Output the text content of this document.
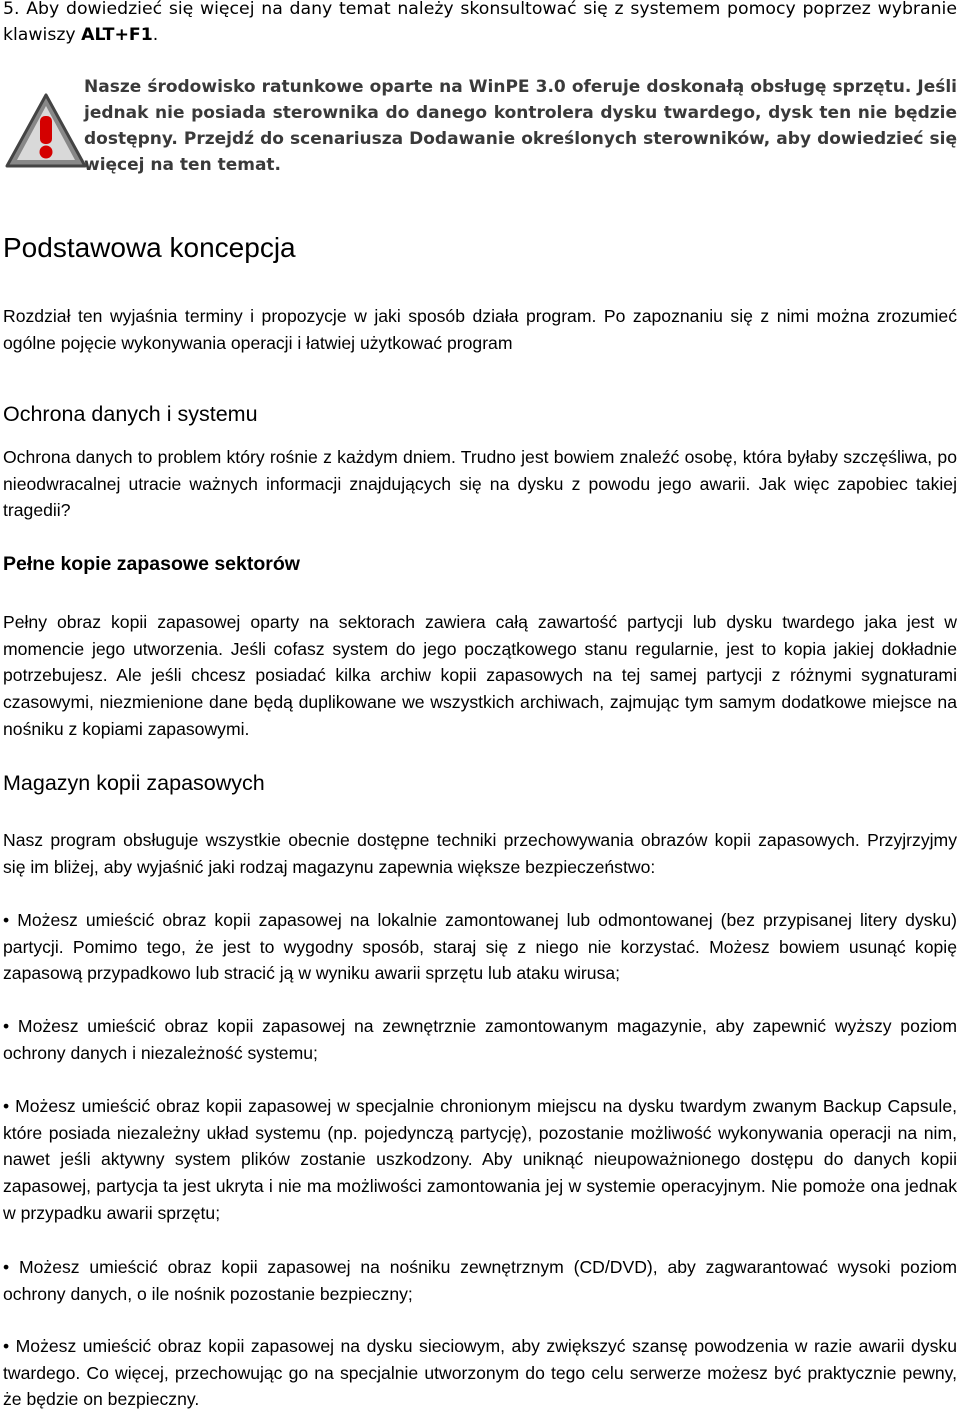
5. Aby dowiedzieć się więcej na dany temat należy skonsultować się z systemem pomocy poprzez wybranie klawiszy ALT+F1.

Nasze środowisko ratunkowe oparte na WinPE 3.0 oferuje doskonałą obsługę sprzętu. Jeśli jednak nie posiada sterownika do danego kontrolera dysku twardego, dysk ten nie będzie dostępny. Przejdź do scenariusza Dodawanie określonych sterowników, aby dowiedzieć się więcej na ten temat.

Podstawowa koncepcja

Rozdział ten wyjaśnia terminy i propozycje w jaki sposób działa program. Po zapoznaniu się z nimi można zrozumieć ogólne pojęcie wykonywania operacji i łatwiej użytkować program

Ochrona danych i systemu

Ochrona danych to problem który rośnie z każdym dniem. Trudno jest bowiem znaleźć osobę, która byłaby szczęśliwa, po nieodwracalnej utracie ważnych informacji znajdujących się na dysku z powodu jego awarii. Jak więc zapobiec takiej tragedii?

Pełne kopie zapasowe sektorów

Pełny obraz kopii zapasowej oparty na sektorach zawiera całą zawartość partycji lub dysku twardego jaka jest w momencie jego utworzenia. Jeśli cofasz system do jego początkowego stanu regularnie, jest to kopia jakiej dokładnie potrzebujesz. Ale jeśli chcesz posiadać kilka archiw kopii zapasowych na tej samej partycji z różnymi sygnaturami czasowymi, niezmienione dane będą duplikowane we wszystkich archiwach, zajmując tym samym dodatkowe miejsce na nośniku z kopiami zapasowymi.

Magazyn kopii zapasowych

Nasz program obsługuje wszystkie obecnie dostępne techniki przechowywania obrazów kopii zapasowych. Przyjrzyjmy się im bliżej, aby wyjaśnić jaki rodzaj magazynu zapewnia większe bezpieczeństwo:

• Możesz umieścić obraz kopii zapasowej na lokalnie zamontowanej lub odmontowanej (bez przypisanej litery dysku) partycji. Pomimo tego, że jest to wygodny sposób, staraj się z niego nie korzystać. Możesz bowiem usunąć kopię zapasową przypadkowo lub stracić ją w wyniku awarii sprzętu lub ataku wirusa;

• Możesz umieścić obraz kopii zapasowej na zewnętrznie zamontowanym magazynie, aby zapewnić wyższy poziom ochrony danych i niezależność systemu;

• Możesz umieścić obraz kopii zapasowej w specjalnie chronionym miejscu na dysku twardym zwanym Backup Capsule, które posiada niezależny układ systemu (np. pojedynczą partycję), pozostanie możliwość wykonywania operacji na nim, nawet jeśli aktywny system plików zostanie uszkodzony. Aby uniknąć nieupoważnionego dostępu do danych kopii zapasowej, partycja ta jest ukryta i nie ma możliwości zamontowania jej w systemie operacyjnym. Nie pomoże ona jednak w przypadku awarii sprzętu;

• Możesz umieścić obraz kopii zapasowej na nośniku zewnętrznym (CD/DVD), aby zagwarantować wysoki poziom ochrony danych, o ile nośnik pozostanie bezpieczny;

• Możesz umieścić obraz kopii zapasowej na dysku sieciowym, aby zwiększyć szansę powodzenia w razie awarii dysku twardego. Co więcej, przechowując go na specjalnie utworzonym do tego celu serwerze możesz być praktycznie pewny, że będzie on bezpieczny.
